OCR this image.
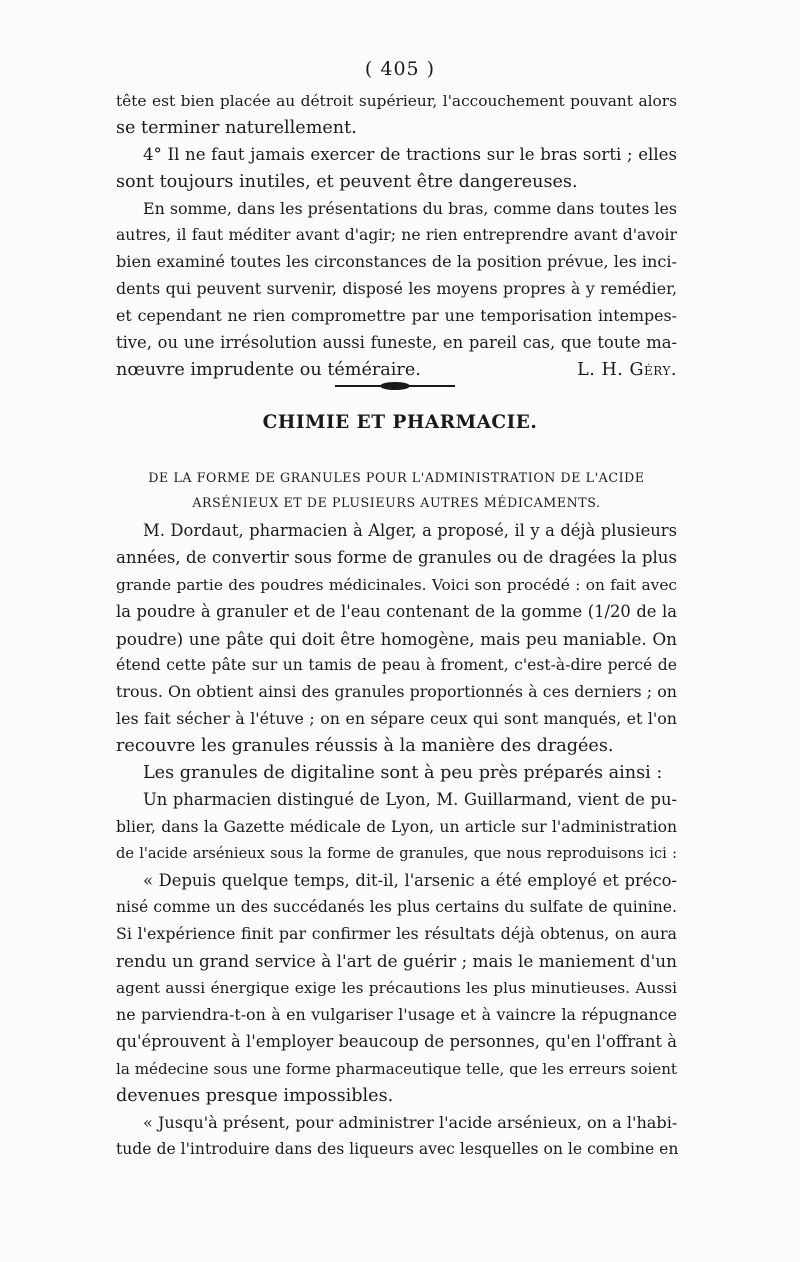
( 405 )
tête est bien placée au détroit supérieur, l'accouchement pouvant alors
se terminer naturellement.
4° Il ne faut jamais exercer de tractions sur le bras sorti ; elles
sont toujours inutiles, et peuvent être dangereuses.
En somme, dans les présentations du bras, comme dans toutes les
autres, il faut méditer avant d'agir; ne rien entreprendre avant d'avoir
bien examiné toutes les circonstances de la position prévue, les inci-
dents qui peuvent survenir, disposé les moyens propres à y remédier,
et cependant ne rien compromettre par une temporisation intempes-
tive, ou une irrésolution aussi funeste, en pareil cas, que toute ma-
nœuvre imprudente ou téméraire.	L. H. Géry.
CHIMIE ET PHARMACIE.
DE LA FORME DE GRANULES POUR L'ADMINISTRATION DE L'ACIDE
ARSÉNIEUX ET DE PLUSIEURS AUTRES MÉDICAMENTS.
M. Dordaut, pharmacien à Alger, a proposé, il y a déjà plusieurs
années, de convertir sous forme de granules ou de dragées la plus
grande partie des poudres médicinales. Voici son procédé : on fait avec
la poudre à granuler et de l'eau contenant de la gomme (1/20 de la
poudre) une pâte qui doit être homogène, mais peu maniable. On
étend cette pâte sur un tamis de peau à froment, c'est-à-dire percé de
trous. On obtient ainsi des granules proportionnés à ces derniers ; on
les fait sécher à l'étuve ; on en sépare ceux qui sont manqués, et l'on
recouvre les granules réussis à la manière des dragées.
Les granules de digitaline sont à peu près préparés ainsi :
Un pharmacien distingué de Lyon, M. Guillarmand, vient de pu-
blier, dans la Gazette médicale de Lyon, un article sur l'administration
de l'acide arsénieux sous la forme de granules, que nous reproduisons ici :
« Depuis quelque temps, dit-il, l'arsenic a été employé et préco-
nisé comme un des succédanés les plus certains du sulfate de quinine.
Si l'expérience finit par confirmer les résultats déjà obtenus, on aura
rendu un grand service à l'art de guérir ; mais le maniement d'un
agent aussi énergique exige les précautions les plus minutieuses. Aussi
ne parviendra-t-on à en vulgariser l'usage et à vaincre la répugnance
qu'éprouvent à l'employer beaucoup de personnes, qu'en l'offrant à
la médecine sous une forme pharmaceutique telle, que les erreurs soient
devenues presque impossibles.
« Jusqu'à présent, pour administrer l'acide arsénieux, on a l'habi-
tude de l'introduire dans des liqueurs avec lesquelles on le combine en
